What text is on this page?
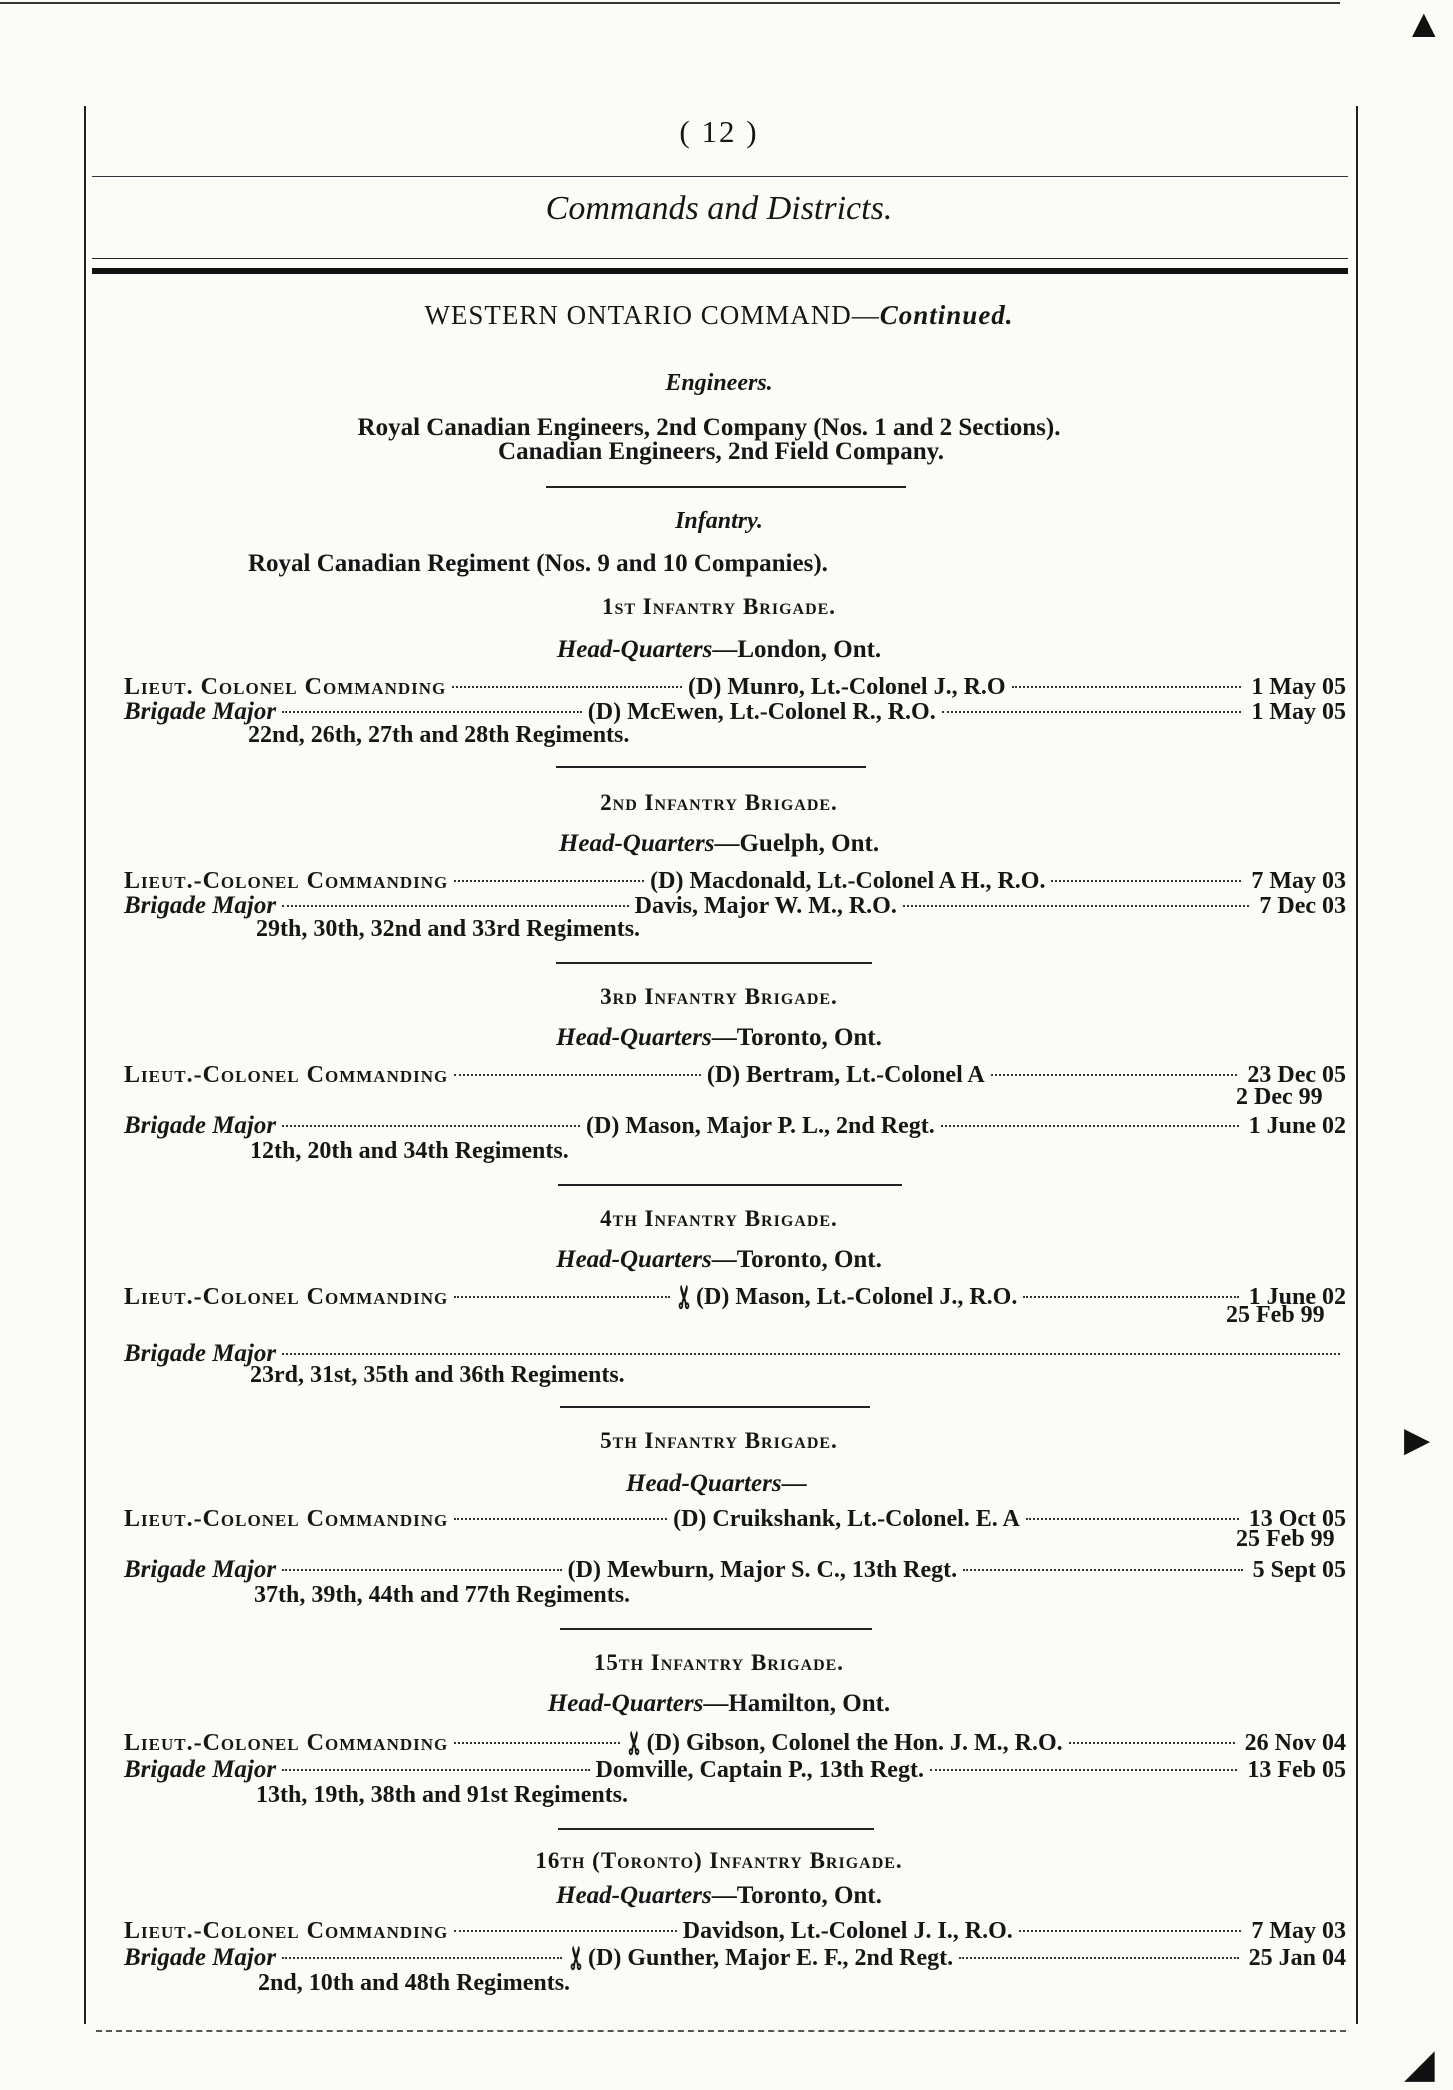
▲
▶
◢
( 12 )
Commands and Districts.
WESTERN ONTARIO COMMAND—Continued.
Engineers.
Royal Canadian Engineers, 2nd Company (Nos. 1 and 2 Sections).
Canadian Engineers, 2nd Field Company.
Infantry.
Royal Canadian Regiment (Nos. 9 and 10 Companies).
1st Infantry Brigade.
Head-Quarters—London, Ont.
Lieut. Colonel Commanding	(D) Munro, Lt.-Colonel J., R.O	1 May 05
Brigade Major	(D) McEwen, Lt.-Colonel R., R.O.	1 May 05
22nd, 26th, 27th and 28th Regiments.
2nd Infantry Brigade.
Head-Quarters—Guelph, Ont.
Lieut.-Colonel Commanding	(D) Macdonald, Lt.-Colonel A H., R.O.	7 May 03
Brigade Major	Davis, Major W. M., R.O.	7 Dec 03
29th, 30th, 32nd and 33rd Regiments.
3rd Infantry Brigade.
Head-Quarters—Toronto, Ont.
Lieut.-Colonel Commanding	(D) Bertram, Lt.-Colonel A	23 Dec 05
2 Dec 99
Brigade Major	(D) Mason, Major P. L., 2nd Regt.	1 June 02
12th, 20th and 34th Regiments.
4th Infantry Brigade.
Head-Quarters—Toronto, Ont.
Lieut.-Colonel Commanding	✂ (D) Mason, Lt.-Colonel J., R.O.	1 June 02
25 Feb 99
Brigade Major
23rd, 31st, 35th and 36th Regiments.
5th Infantry Brigade.
Head-Quarters—
Lieut.-Colonel Commanding	(D) Cruikshank, Lt.-Colonel. E. A	13 Oct 05
25 Feb 99
Brigade Major	(D) Mewburn, Major S. C., 13th Regt.	5 Sept 05
37th, 39th, 44th and 77th Regiments.
15th Infantry Brigade.
Head-Quarters—Hamilton, Ont.
Lieut.-Colonel Commanding	✂ (D) Gibson, Colonel the Hon. J. M., R.O.	26 Nov 04
Brigade Major	Domville, Captain P., 13th Regt.	13 Feb 05
13th, 19th, 38th and 91st Regiments.
16th (Toronto) Infantry Brigade.
Head-Quarters—Toronto, Ont.
Lieut.-Colonel Commanding	Davidson, Lt.-Colonel J. I., R.O.	7 May 03
Brigade Major	✂ (D) Gunther, Major E. F., 2nd Regt.	25 Jan 04
2nd, 10th and 48th Regiments.
